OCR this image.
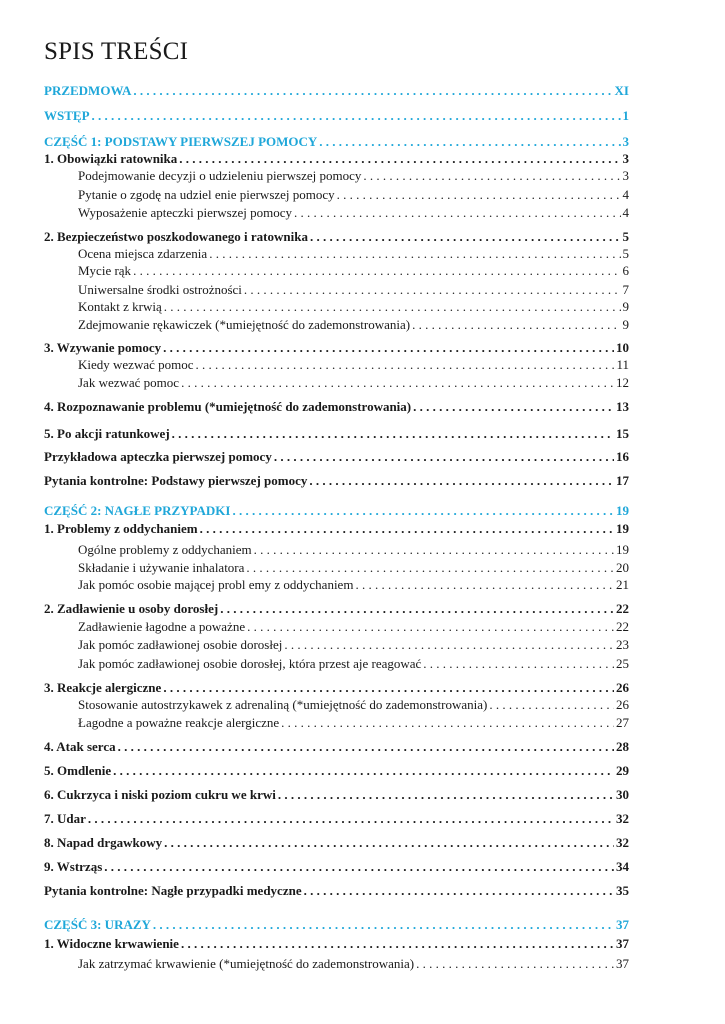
SPIS TREŚCI
PRZEDMOWA . . .	XI
WSTĘP . . .	1
CZĘŚĆ 1: PODSTAWY PIERWSZEJ POMOCY . . .	3
1. Obowiązki ratownika . . .	3
Podejmowanie decyzji o udzieleniu pierwszej pomocy . . .	3
Pytanie o zgodę na udziel enie pierwszej pomocy . . .	4
Wyposażenie apteczki pierwszej pomocy . . .	4
2. Bezpieczeństwo poszkodowanego i ratownika . . .	5
Ocena miejsca zdarzenia . . .	5
Mycie rąk . . .	6
Uniwersalne środki ostrożności . . .	7
Kontakt z krwią . . .	9
Zdejmowanie rękawiczek (*umiejętność do zademonstrowania) . . .	9
3. Wzywanie pomocy . . .	10
Kiedy wezwać pomoc . . .	11
Jak wezwać pomoc . . .	12
4. Rozpoznawanie problemu (*umiejętność do zademonstrowania) . . .	13
5. Po akcji ratunkowej . . .	15
Przykładowa apteczka pierwszej pomocy . . .	16
Pytania kontrolne: Podstawy pierwszej pomocy . . .	17
CZĘŚĆ 2: NAGŁE PRZYPADKI . . .	19
1. Problemy z oddychaniem . . .	19
Ogólne problemy z oddychaniem . . .	19
Składanie i używanie inhalatora . . .	20
Jak pomóc osobie mającej probl emy z oddychaniem . . .	21
2. Zadławienie u osoby dorosłej . . .	22
Zadławienie łagodne a poważne . . .	22
Jak pomóc zadławionej osobie dorosłej . . .	23
Jak pomóc zadławionej osobie dorosłej, która przest aje reagować . . .	25
3. Reakcje alergiczne . . .	26
Stosowanie autostrzykawek z adrenaliną (*umiejętność do zademonstrowania) . . .	26
Łagodne a poważne reakcje alergiczne . . .	27
4. Atak serca . . .	28
5. Omdlenie . . .	29
6. Cukrzyca i niski poziom cukru we krwi . . .	30
7. Udar . . .	32
8. Napad drgawkowy . . .	32
9. Wstrząs . . .	34
Pytania kontrolne: Nagłe przypadki medyczne . . .	35
CZĘŚĆ 3: URAZY . . .	37
1. Widoczne krwawienie . . .	37
Jak zatrzymać krwawienie (*umiejętność do zademonstrowania) . . .	37
